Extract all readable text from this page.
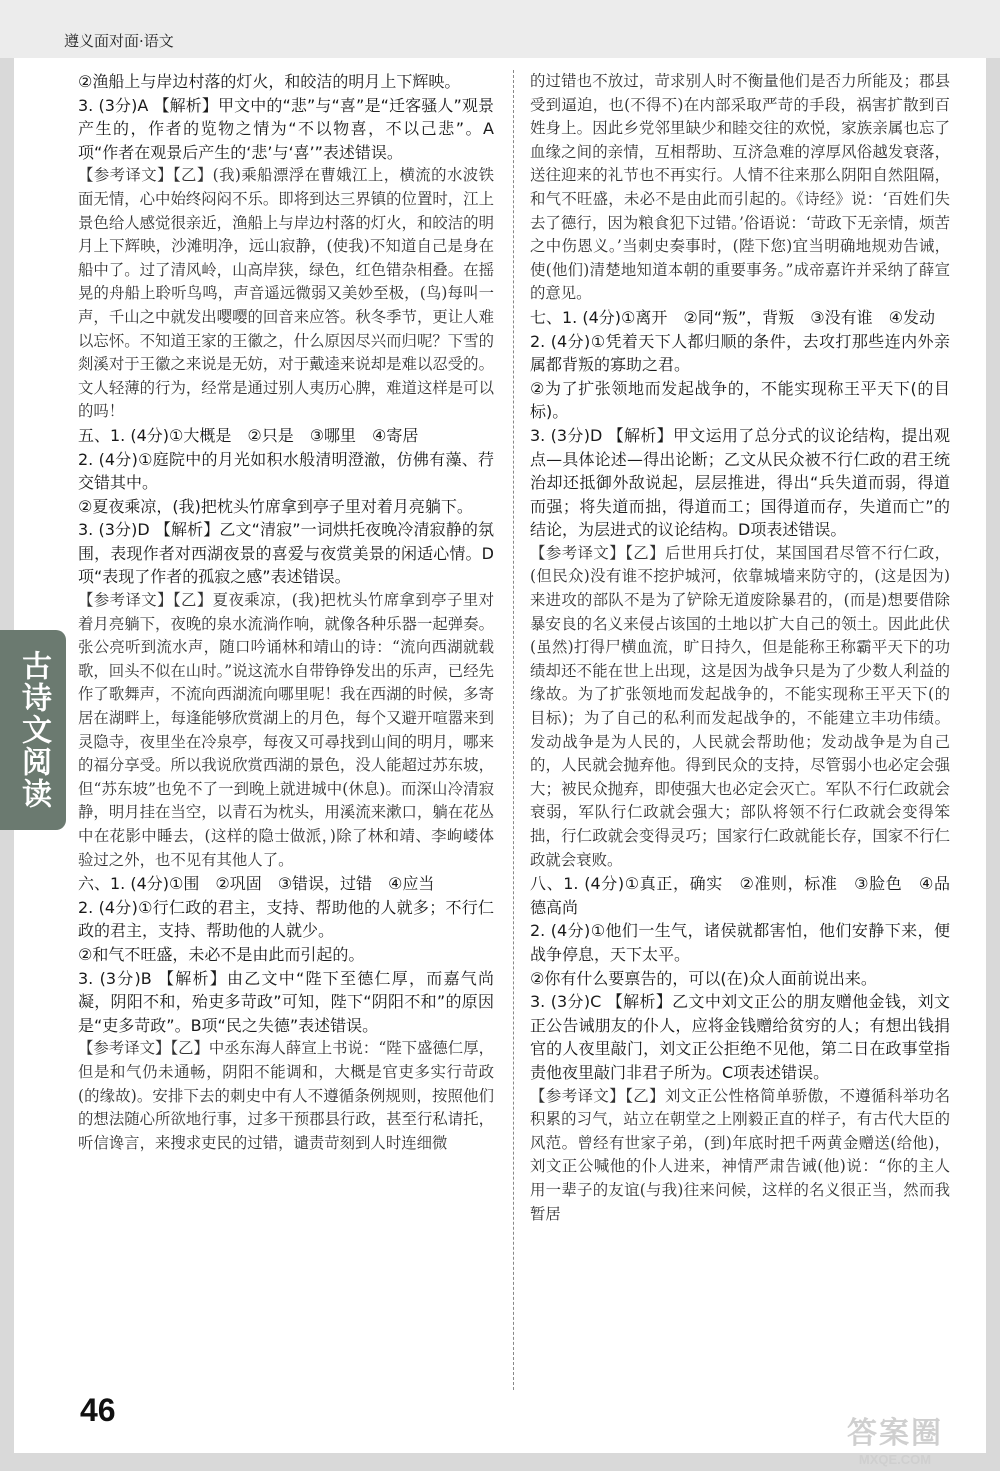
遵义面对面·语文

②渔船上与岸边村落的灯火，和皎洁的明月上下辉映。

3. (3分)A 【解析】甲文中的“悲”与“喜”是“迁客骚人”观景产生的，作者的览物之情为“不以物喜，不以己悲”。A项“作者在观景后产生的‘悲’与‘喜’”表述错误。

【参考译文】【乙】(我)乘船漂浮在曹娥江上，横流的水波铁面无情，心中始终闷闷不乐。即将到达三界镇的位置时，江上景色给人感觉很亲近，渔船上与岸边村落的灯火，和皎洁的明月上下辉映，沙滩明净，远山寂静，(使我)不知道自己是身在船中了。过了清风岭，山高岸狭，绿色，红色错杂相叠。在摇晃的舟船上聆听鸟鸣，声音遥远微弱又美妙至极，(鸟)每叫一声，千山之中就发出嘤嘤的回音来应答。秋冬季节，更让人难以忘怀。不知道王家的王徽之，什么原因尽兴而归呢？下雪的剡溪对于王徽之来说是无妨，对于戴逵来说却是难以忍受的。文人轻薄的行为，经常是通过别人夷历心脾，难道这样是可以的吗！

五、1. (4分)①大概是　②只是　③哪里　④寄居

2. (4分)①庭院中的月光如积水般清明澄澈，仿佛有藻、荇交错其中。

②夏夜乘凉，(我)把枕头竹席拿到亭子里对着月亮躺下。

3. (3分)D 【解析】乙文“清寂”一词烘托夜晚冷清寂静的氛围，表现作者对西湖夜景的喜爱与夜赏美景的闲适心情。D项“表现了作者的孤寂之感”表述错误。

【参考译文】【乙】夏夜乘凉，(我)把枕头竹席拿到亭子里对着月亮躺下，夜晚的泉水流淌作响，就像各种乐器一起弹奏。张公亮听到流水声，随口吟诵林和靖山的诗：“流向西湖就载歌，回头不似在山时。”说这流水自带铮铮发出的乐声，已经先作了歌舞声，不流向西湖流向哪里呢！我在西湖的时候，多寄居在湖畔上，每逢能够欣赏湖上的月色，每个又避开喧嚣来到灵隐寺，夜里坐在冷泉亭，每夜又可尋找到山间的明月，哪来的福分享受。所以我说欣赏西湖的景色，没人能超过苏东坡，但“苏东坡”也免不了一到晚上就进城中(休息)。而深山冷清寂静，明月挂在当空，以青石为枕头，用溪流来漱口，躺在花丛中在花影中睡去，(这样的隐士做派，)除了林和靖、李岣嵝体验过之外，也不见有其他人了。

六、1. (4分)①围　②巩固　③错误，过错　④应当

2. (4分)①行仁政的君主，支持、帮助他的人就多；不行仁政的君主，支持、帮助他的人就少。

②和气不旺盛，未必不是由此而引起的。

3. (3分)B 【解析】由乙文中“陛下至德仁厚，而嘉气尚凝，阴阳不和，殆吏多苛政”可知，陛下“阴阳不和”的原因是“吏多苛政”。B项“民之失德”表述错误。

【参考译文】【乙】中丞东海人薛宣上书说：“陛下盛德仁厚，但是和气仍未通畅，阴阳不能调和，大概是官吏多实行苛政(的缘故)。安排下去的刺史中有人不遵循条例规则，按照他们的想法随心所欲地行事，过多干预郡县行政，甚至行私请托，听信谗言，来搜求吏民的过错，谴责苛刻到人时连细微

的过错也不放过，苛求别人时不衡量他们是否力所能及；郡县受到逼迫，也(不得不)在内部采取严苛的手段，祸害扩散到百姓身上。因此乡党邻里缺少和睦交往的欢悦，家族亲属也忘了血缘之间的亲情，互相帮助、互济急难的淳厚风俗越发衰落，送往迎来的礼节也不再实行。人情不往来那么阴阳自然阻隔，和气不旺盛，未必不是由此而引起的。《诗经》说：‘百姓们失去了德行，因为粮食犯下过错。’俗语说：‘苛政下无亲情，烦苦之中伤恩义。’当刺史奏事时，(陛下您)宜当明确地规劝告诫，使(他们)清楚地知道本朝的重要事务。”成帝嘉许并采纳了薛宣的意见。

七、1. (4分)①离开　②同“叛”，背叛　③没有谁　④发动

2. (4分)①凭着天下人都归顺的条件，去攻打那些连内外亲属都背叛的寡助之君。

②为了扩张领地而发起战争的，不能实现称王平天下(的目标)。

3. (3分)D 【解析】甲文运用了总分式的议论结构，提出观点—具体论述—得出论断；乙文从民众被不行仁政的君王统治却还抵御外敌说起，层层推进，得出“兵失道而弱，得道而强；将失道而拙，得道而工；国得道而存，失道而亡”的结论，为层进式的议论结构。D项表述错误。

【参考译文】【乙】后世用兵打仗，某国国君尽管不行仁政，(但民众)没有谁不挖护城河，依靠城墙来防守的，(这是因为)来进攻的部队不是为了铲除无道废除暴君的，(而是)想要借除暴安良的名义来侵占该国的土地以扩大自己的领土。因此此伏(虽然)打得尸横血流，旷日持久，但是能称王称霸平天下的功绩却还不能在世上出现，这是因为战争只是为了少数人利益的缘故。为了扩张领地而发起战争的，不能实现称王平天下(的目标)；为了自己的私利而发起战争的，不能建立丰功伟绩。发动战争是为人民的，人民就会帮助他；发动战争是为自己的，人民就会抛弃他。得到民众的支持，尽管弱小也必定会强大；被民众抛弃，即使强大也必定会灭亡。军队不行仁政就会衰弱，军队行仁政就会强大；部队将领不行仁政就会变得笨拙，行仁政就会变得灵巧；国家行仁政就能长存，国家不行仁政就会衰败。

八、1. (4分)①真正，确实　②准则，标准　③脸色　④品德高尚

2. (4分)①他们一生气，诸侯就都害怕，他们安静下来，便战争停息，天下太平。

②你有什么要禀告的，可以(在)众人面前说出来。

3. (3分)C 【解析】乙文中刘文正公的朋友赠他金钱，刘文正公告诫朋友的仆人，应将金钱赠给贫穷的人；有想出钱捐官的人夜里敲门，刘文正公拒绝不见他，第二日在政事堂指责他夜里敲门非君子所为。C项表述错误。

【参考译文】【乙】刘文正公性格简单骄傲，不遵循科举功名积累的习气，站立在朝堂之上刚毅正直的样子，有古代大臣的风范。曾经有世家子弟，(到)年底时把千两黄金赠送(给他)，刘文正公喊他的仆人进来，神情严肃告诫(他)说：“你的主人用一辈子的友谊(与我)往来问候，这样的名义很正当，然而我暂居

古诗文阅读
46
答案圈
MXQE.COM
